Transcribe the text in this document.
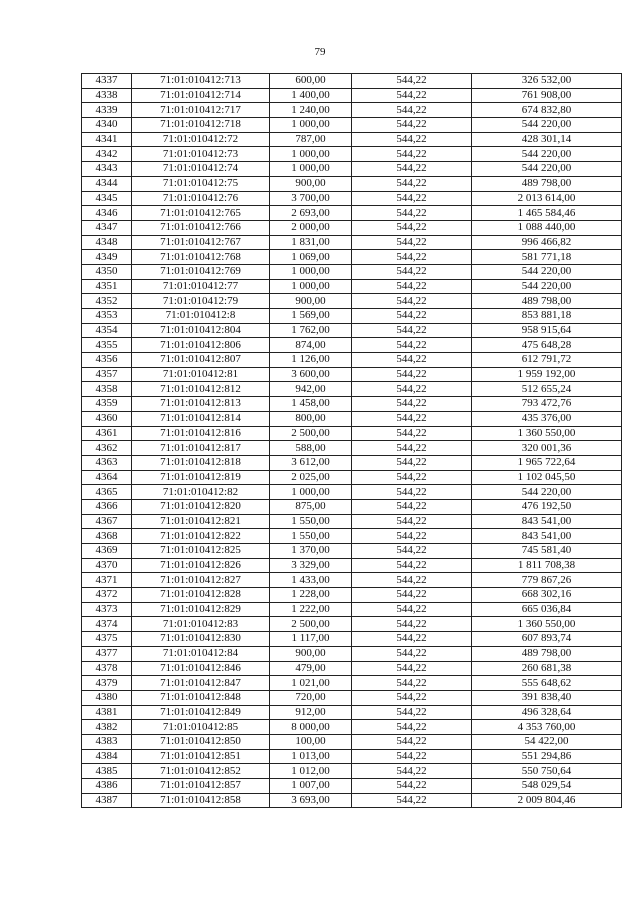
79
4337	71:01:010412:713	600,00	544,22	326 532,00
4338	71:01:010412:714	1 400,00	544,22	761 908,00
4339	71:01:010412:717	1 240,00	544,22	674 832,80
4340	71:01:010412:718	1 000,00	544,22	544 220,00
4341	71:01:010412:72	787,00	544,22	428 301,14
4342	71:01:010412:73	1 000,00	544,22	544 220,00
4343	71:01:010412:74	1 000,00	544,22	544 220,00
4344	71:01:010412:75	900,00	544,22	489 798,00
4345	71:01:010412:76	3 700,00	544,22	2 013 614,00
4346	71:01:010412:765	2 693,00	544,22	1 465 584,46
4347	71:01:010412:766	2 000,00	544,22	1 088 440,00
4348	71:01:010412:767	1 831,00	544,22	996 466,82
4349	71:01:010412:768	1 069,00	544,22	581 771,18
4350	71:01:010412:769	1 000,00	544,22	544 220,00
4351	71:01:010412:77	1 000,00	544,22	544 220,00
4352	71:01:010412:79	900,00	544,22	489 798,00
4353	71:01:010412:8	1 569,00	544,22	853 881,18
4354	71:01:010412:804	1 762,00	544,22	958 915,64
4355	71:01:010412:806	874,00	544,22	475 648,28
4356	71:01:010412:807	1 126,00	544,22	612 791,72
4357	71:01:010412:81	3 600,00	544,22	1 959 192,00
4358	71:01:010412:812	942,00	544,22	512 655,24
4359	71:01:010412:813	1 458,00	544,22	793 472,76
4360	71:01:010412:814	800,00	544,22	435 376,00
4361	71:01:010412:816	2 500,00	544,22	1 360 550,00
4362	71:01:010412:817	588,00	544,22	320 001,36
4363	71:01:010412:818	3 612,00	544,22	1 965 722,64
4364	71:01:010412:819	2 025,00	544,22	1 102 045,50
4365	71:01:010412:82	1 000,00	544,22	544 220,00
4366	71:01:010412:820	875,00	544,22	476 192,50
4367	71:01:010412:821	1 550,00	544,22	843 541,00
4368	71:01:010412:822	1 550,00	544,22	843 541,00
4369	71:01:010412:825	1 370,00	544,22	745 581,40
4370	71:01:010412:826	3 329,00	544,22	1 811 708,38
4371	71:01:010412:827	1 433,00	544,22	779 867,26
4372	71:01:010412:828	1 228,00	544,22	668 302,16
4373	71:01:010412:829	1 222,00	544,22	665 036,84
4374	71:01:010412:83	2 500,00	544,22	1 360 550,00
4375	71:01:010412:830	1 117,00	544,22	607 893,74
4377	71:01:010412:84	900,00	544,22	489 798,00
4378	71:01:010412:846	479,00	544,22	260 681,38
4379	71:01:010412:847	1 021,00	544,22	555 648,62
4380	71:01:010412:848	720,00	544,22	391 838,40
4381	71:01:010412:849	912,00	544,22	496 328,64
4382	71:01:010412:85	8 000,00	544,22	4 353 760,00
4383	71:01:010412:850	100,00	544,22	54 422,00
4384	71:01:010412:851	1 013,00	544,22	551 294,86
4385	71:01:010412:852	1 012,00	544,22	550 750,64
4386	71:01:010412:857	1 007,00	544,22	548 029,54
4387	71:01:010412:858	3 693,00	544,22	2 009 804,46
